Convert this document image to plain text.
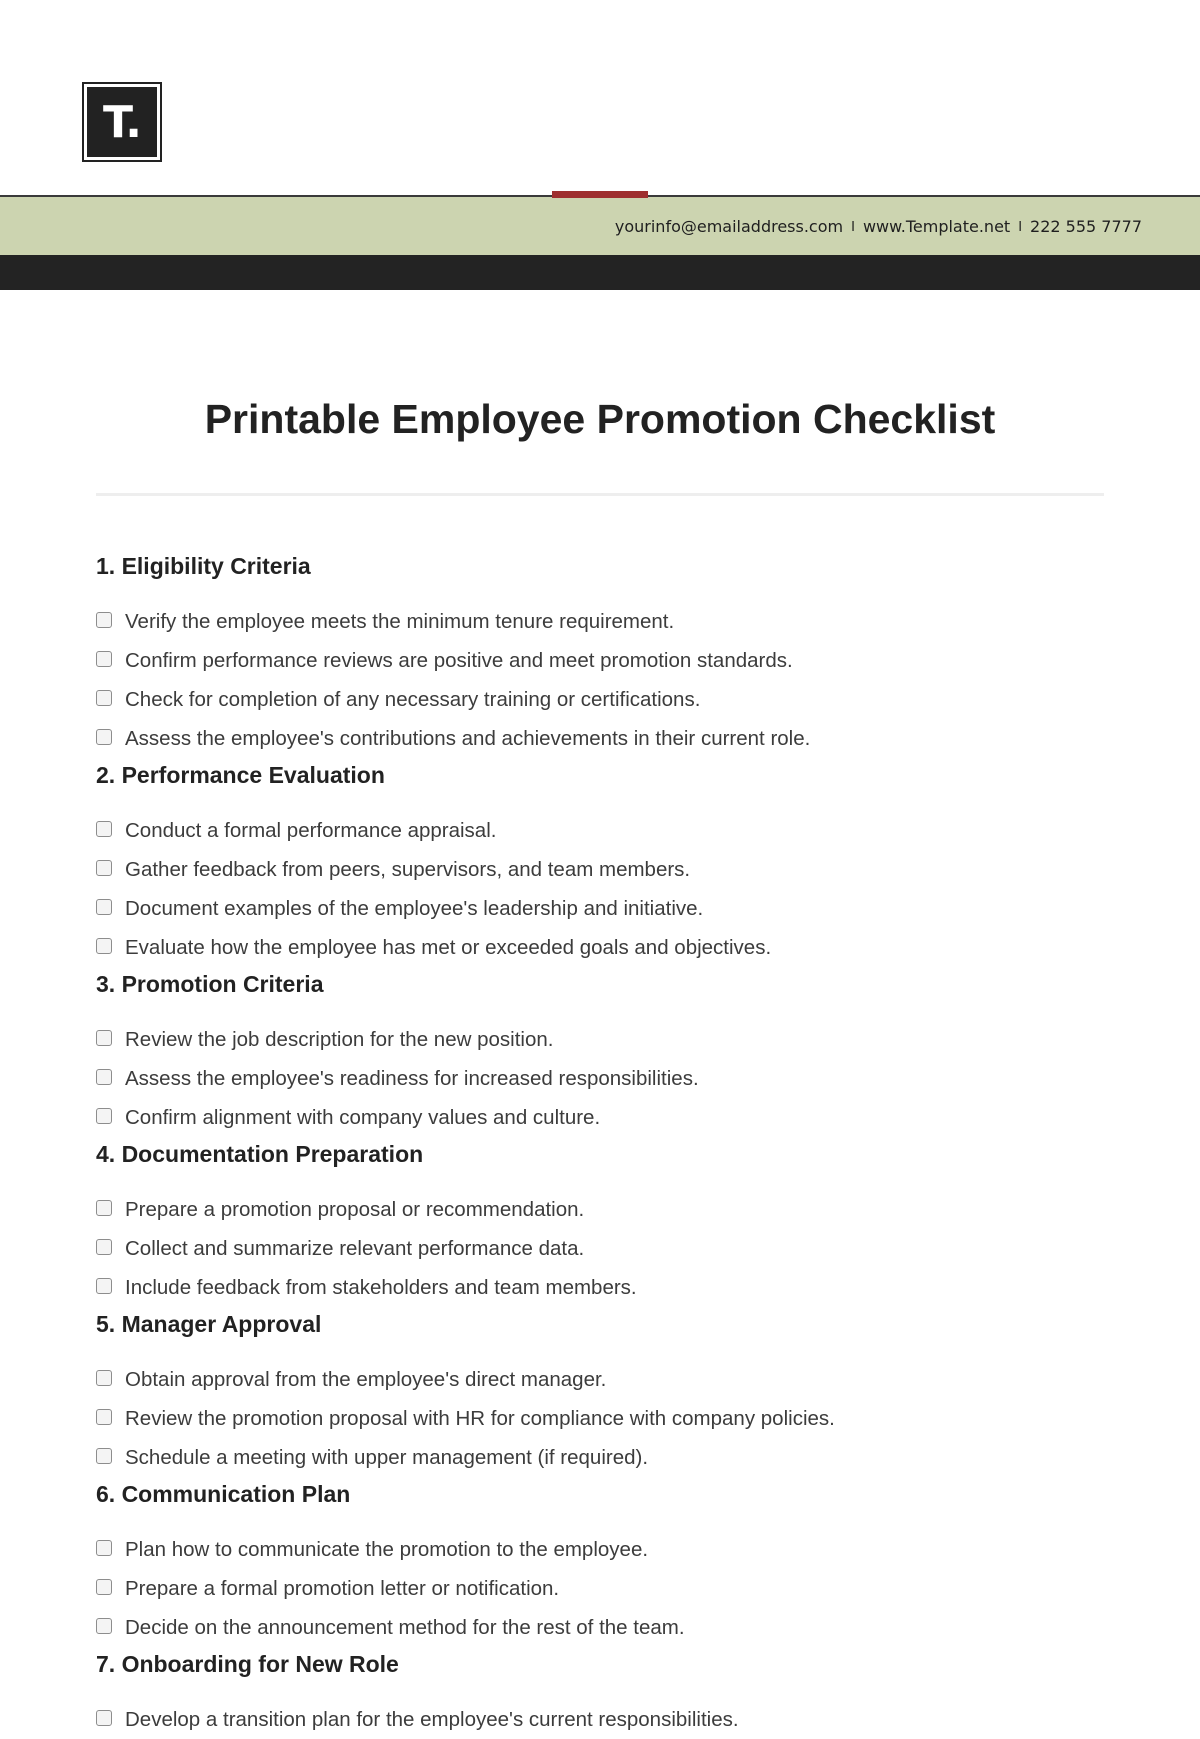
T.
yourinfo@emailaddress.com I www.Template.net I 222 555 7777
Printable Employee Promotion Checklist
1. Eligibility Criteria
Verify the employee meets the minimum tenure requirement.
Confirm performance reviews are positive and meet promotion standards.
Check for completion of any necessary training or certifications.
Assess the employee's contributions and achievements in their current role.
2. Performance Evaluation
Conduct a formal performance appraisal.
Gather feedback from peers, supervisors, and team members.
Document examples of the employee's leadership and initiative.
Evaluate how the employee has met or exceeded goals and objectives.
3. Promotion Criteria
Review the job description for the new position.
Assess the employee's readiness for increased responsibilities.
Confirm alignment with company values and culture.
4. Documentation Preparation
Prepare a promotion proposal or recommendation.
Collect and summarize relevant performance data.
Include feedback from stakeholders and team members.
5. Manager Approval
Obtain approval from the employee's direct manager.
Review the promotion proposal with HR for compliance with company policies.
Schedule a meeting with upper management (if required).
6. Communication Plan
Plan how to communicate the promotion to the employee.
Prepare a formal promotion letter or notification.
Decide on the announcement method for the rest of the team.
7. Onboarding for New Role
Develop a transition plan for the employee's current responsibilities.
